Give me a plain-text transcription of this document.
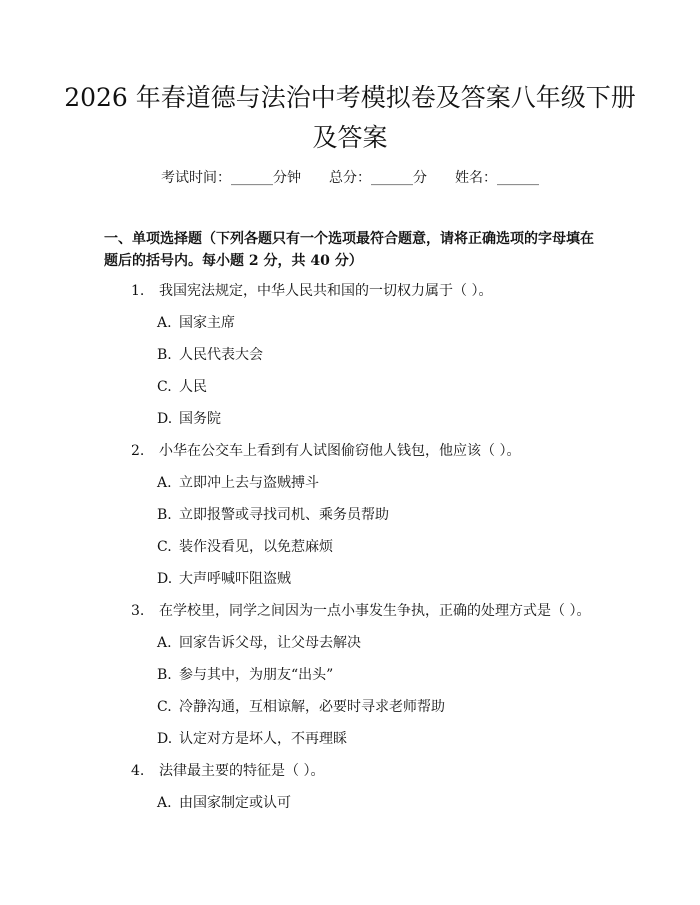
2026 年春道德与法治中考模拟卷及答案八年级下册及答案
考试时间：______分钟 总分：______分 姓名：______
一、单项选择题（下列各题只有一个选项最符合题意，请将正确选项的字母填在题后的括号内。每小题 2 分，共 40 分）
1. 我国宪法规定，中华人民共和国的一切权力属于（ ）。
A. 国家主席
B. 人民代表大会
C. 人民
D. 国务院
2. 小华在公交车上看到有人试图偷窃他人钱包，他应该（ ）。
A. 立即冲上去与盗贼搏斗
B. 立即报警或寻找司机、乘务员帮助
C. 装作没看见，以免惹麻烦
D. 大声呼喊吓阻盗贼
3. 在学校里，同学之间因为一点小事发生争执，正确的处理方式是（ ）。
A. 回家告诉父母，让父母去解决
B. 参与其中，为朋友“出头”
C. 冷静沟通，互相谅解，必要时寻求老师帮助
D. 认定对方是坏人，不再理睬
4. 法律最主要的特征是（ ）。
A. 由国家制定或认可
